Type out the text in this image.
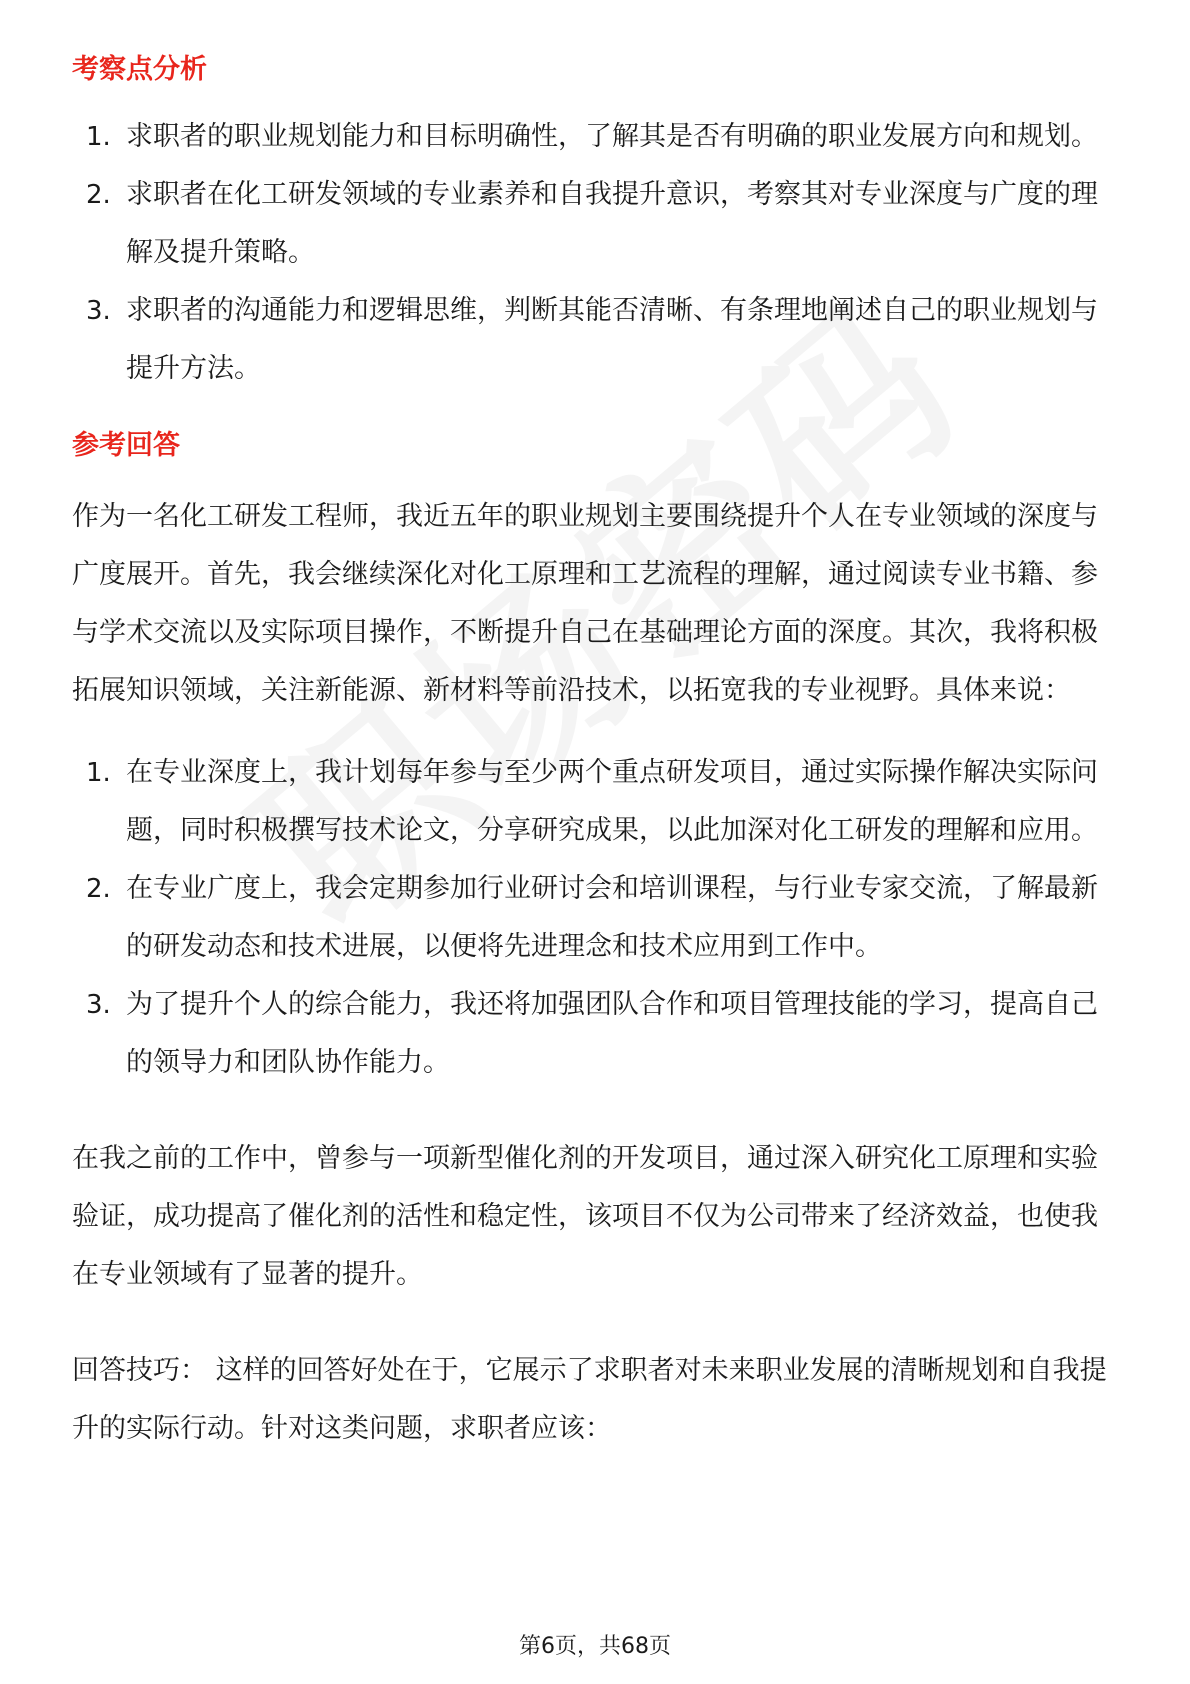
考察点分析
1. 求职者的职业规划能力和目标明确性，了解其是否有明确的职业发展方向和规划。
2. 求职者在化工研发领域的专业素养和自我提升意识，考察其对专业深度与广度的理解及提升策略。
3. 求职者的沟通能力和逻辑思维，判断其能否清晰、有条理地阐述自己的职业规划与提升方法。
参考回答

作为一名化工研发工程师，我近五年的职业规划主要围绕提升个人在专业领域的深度与广度展开。首先，我会继续深化对化工原理和工艺流程的理解，通过阅读专业书籍、参与学术交流以及实际项目操作，不断提升自己在基础理论方面的深度。其次，我将积极拓展知识领域，关注新能源、新材料等前沿技术，以拓宽我的专业视野。具体来说：

1. 在专业深度上，我计划每年参与至少两个重点研发项目，通过实际操作解决实际问题，同时积极撰写技术论文，分享研究成果，以此加深对化工研发的理解和应用。
2. 在专业广度上，我会定期参加行业研讨会和培训课程，与行业专家交流，了解最新的研发动态和技术进展，以便将先进理念和技术应用到工作中。
3. 为了提升个人的综合能力，我还将加强团队合作和项目管理技能的学习，提高自己的领导力和团队协作能力。

在我之前的工作中，曾参与一项新型催化剂的开发项目，通过深入研究化工原理和实验验证，成功提高了催化剂的活性和稳定性，该项目不仅为公司带来了经济效益，也使我在专业领域有了显著的提升。

回答技巧： 这样的回答好处在于，它展示了求职者对未来职业发展的清晰规划和自我提升的实际行动。针对这类问题，求职者应该：

第6页，共68页
